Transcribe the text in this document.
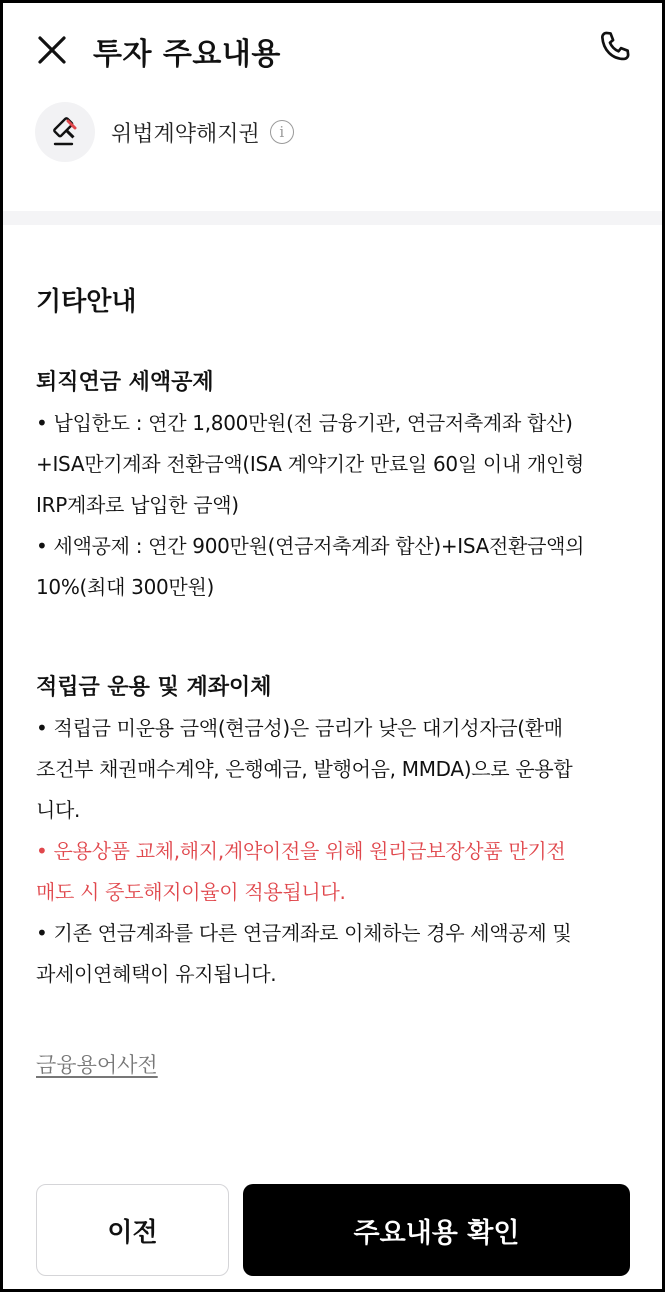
투자 주요내용
위법계약해지권	i
기타안내
퇴직연금 세액공제
• 납입한도 : 연간 1,800만원(전 금융기관, 연금저축계좌 합산)
+ISA만기계좌 전환금액(ISA 계약기간 만료일 60일 이내 개인형
IRP계좌로 납입한 금액)
• 세액공제 : 연간 900만원(연금저축계좌 합산)+ISA전환금액의
10%(최대 300만원)
적립금 운용 및 계좌이체
• 적립금 미운용 금액(현금성)은 금리가 낮은 대기성자금(환매
조건부 채권매수계약, 은행예금, 발행어음, MMDA)으로 운용합
니다.
• 운용상품 교체,해지,계약이전을 위해 원리금보장상품 만기전
매도 시 중도해지이율이 적용됩니다.
• 기존 연금계좌를 다른 연금계좌로 이체하는 경우 세액공제 및
과세이연혜택이 유지됩니다.
금융용어사전
이전	주요내용 확인
